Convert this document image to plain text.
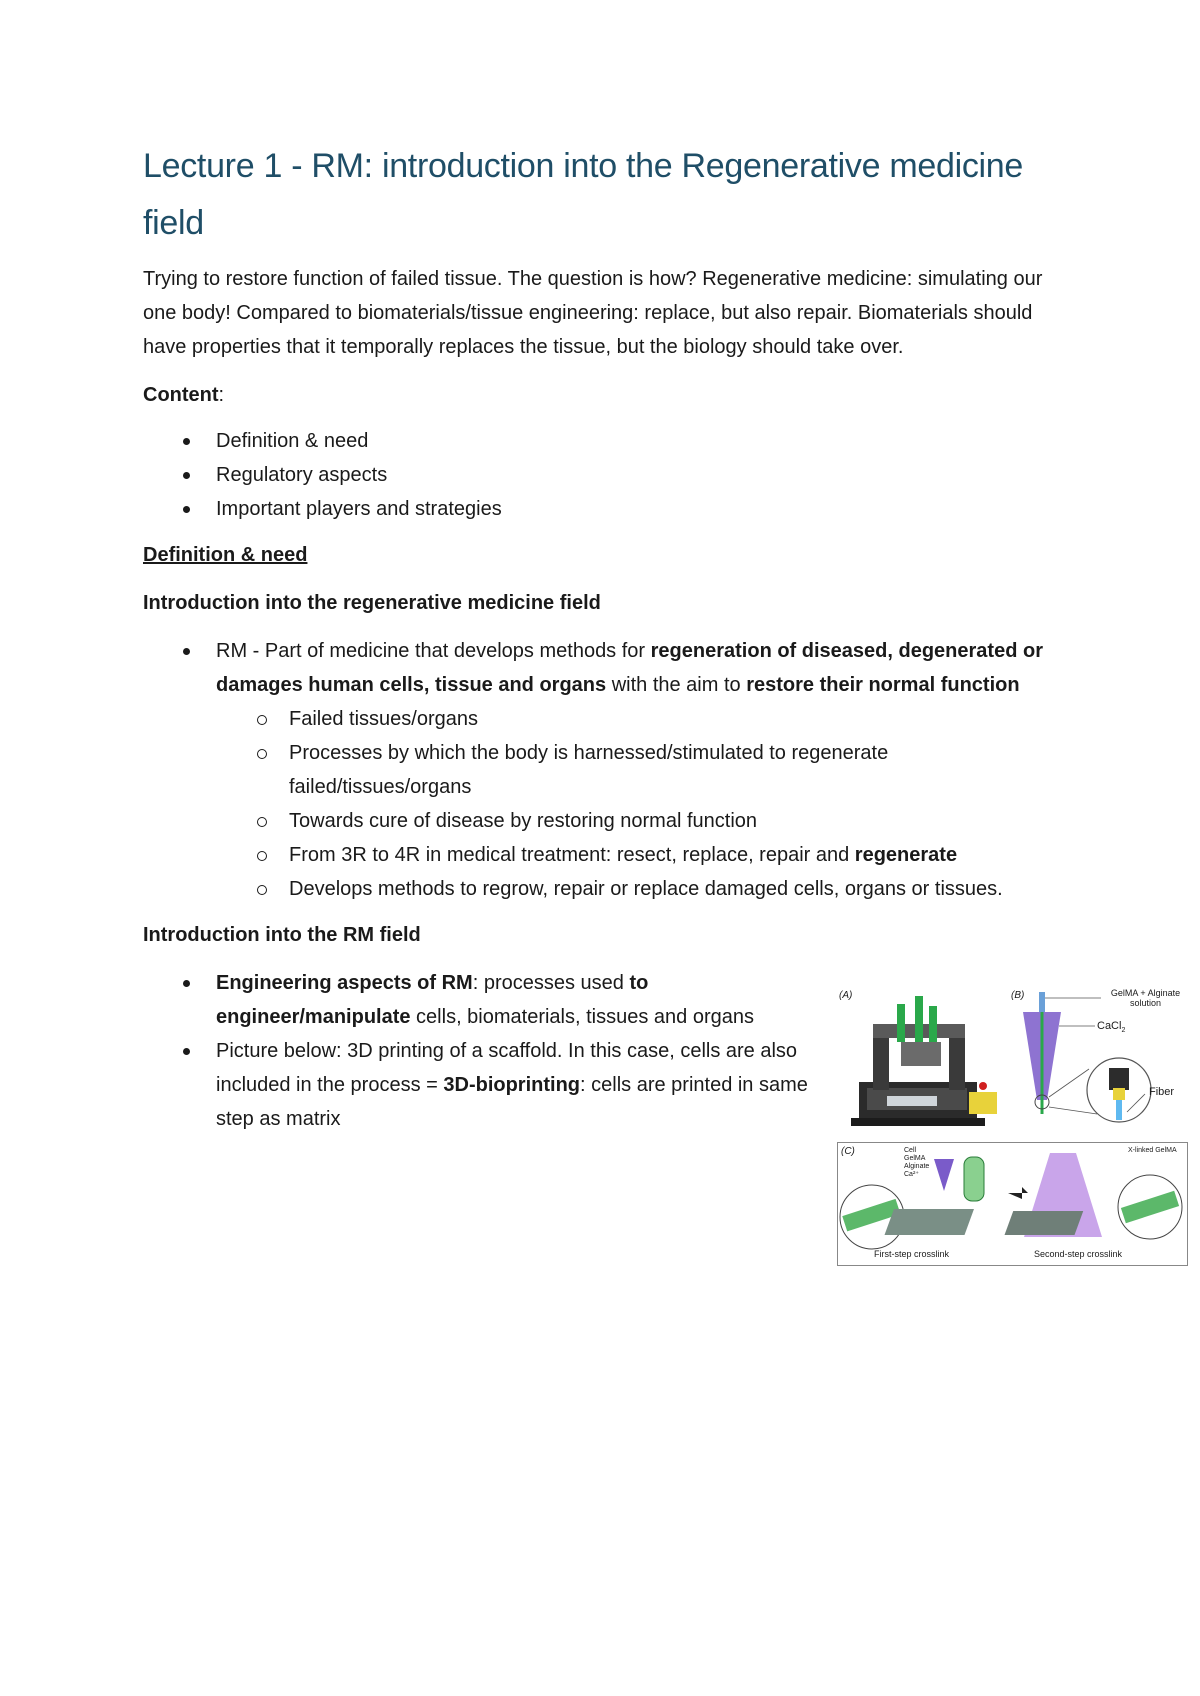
Lecture 1 - RM: introduction into the Regenerative medicine field

Trying to restore function of failed tissue. The question is how? Regenerative medicine: simulating our one body! Compared to biomaterials/tissue engineering: replace, but also repair. Biomaterials should have properties that it temporally replaces the tissue, but the biology should take over.

Content:

Definition & need
Regulatory aspects
Important players and strategies

Definition & need

Introduction into the regenerative medicine field

RM - Part of medicine that develops methods for regeneration of diseased, degenerated or damages human cells, tissue and organs with the aim to restore their normal function
Failed tissues/organs
Processes by which the body is harnessed/stimulated to regenerate failed/tissues/organs
Towards cure of disease by restoring normal function
From 3R to 4R in medical treatment: resect, replace, repair and regenerate
Develops methods to regrow, repair or replace damaged cells, organs or tissues.

Introduction into the RM field

Engineering aspects of RM: processes used to engineer/manipulate cells, biomaterials, tissues and organs
Picture below: 3D printing of a scaffold. In this case, cells are also included in the process = 3D-bioprinting: cells are printed in same step as matrix
(A)	(B)	GelMA + Alginate solution
CaCl$_2$
Fiber
(C)	Cell
GelMA
Alginate
Ca²⁺
X-linked GelMA
First-step crosslink	Second-step crosslink
